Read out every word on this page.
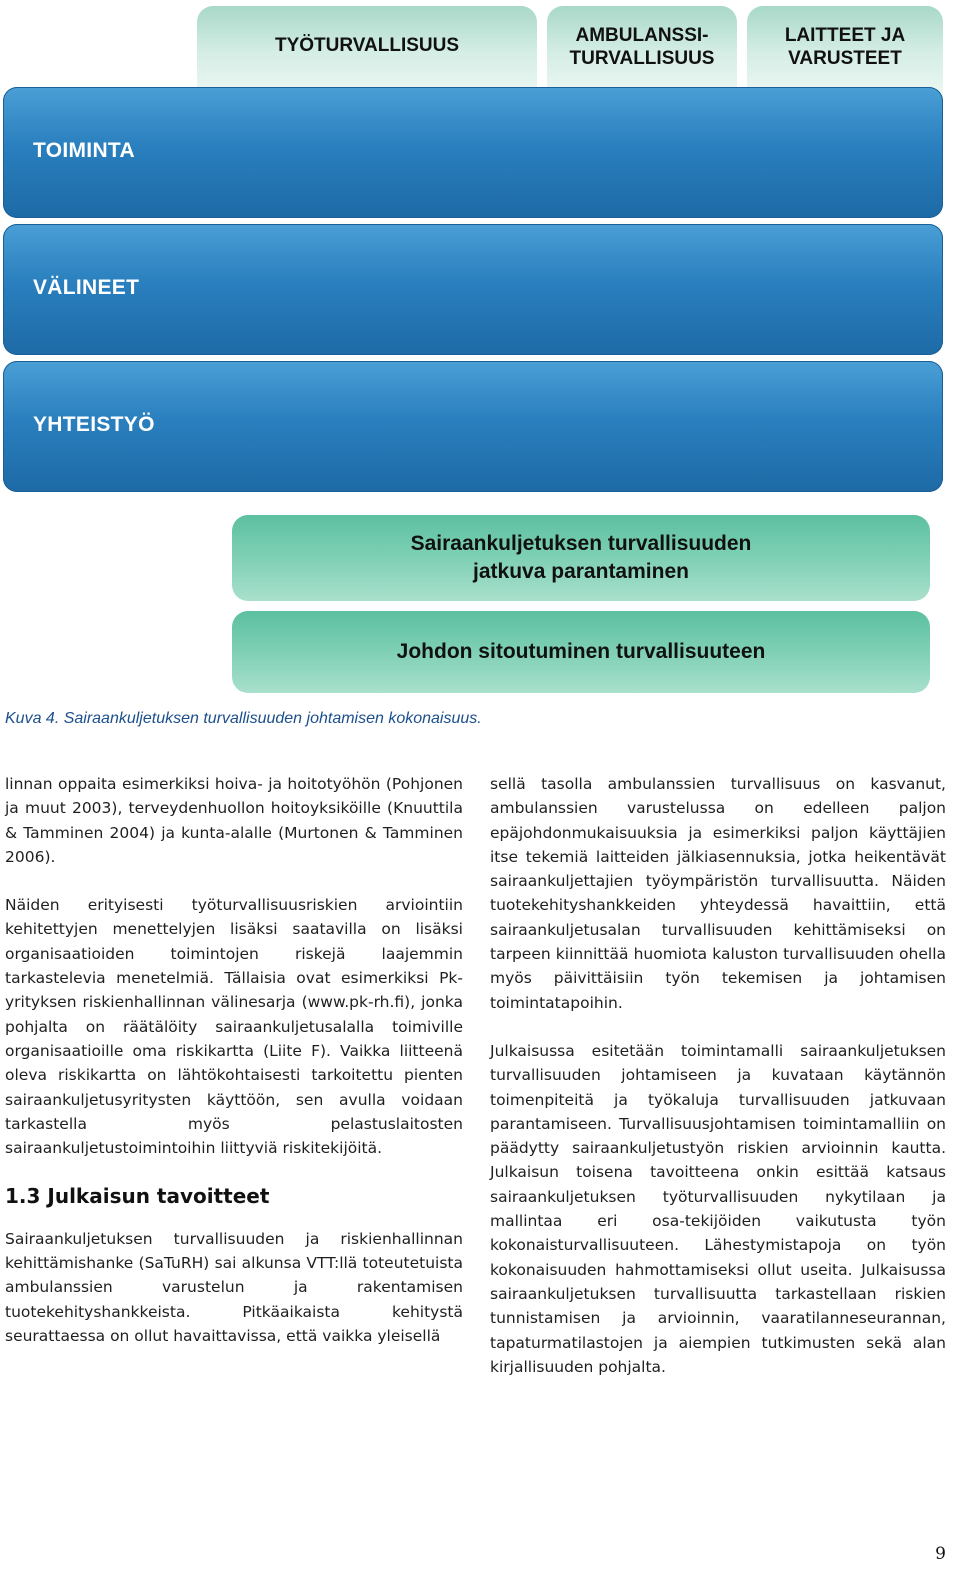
TYÖTURVALLISUUS	AMBULANSSI-
TURVALLISUUS
LAITTEET JA
VARUSTEET
TOIMINTA
VÄLINEET
YHTEISTYÖ
Sairaankuljetuksen turvallisuuden
jatkuva parantaminen
Johdon sitoutuminen turvallisuuteen
Kuva 4. Sairaankuljetuksen turvallisuuden johtamisen kokonaisuus.

linnan oppaita esimerkiksi hoiva- ja hoitotyöhön (Pohjonen ja muut 2003), terveydenhuollon hoitoyksiköille (Knuuttila & Tamminen 2004) ja kunta-alalle (Murtonen & Tamminen 2006).

Näiden erityisesti työturvallisuusriskien arviointiin kehitettyjen menettelyjen lisäksi saatavilla on lisäksi organisaatioiden toimintojen riskejä laajemmin tarkastelevia menetelmiä. Tällaisia ovat esimerkiksi Pk-yrityksen riskienhallinnan välinesarja (www.pk-rh.fi), jonka pohjalta on räätälöity sairaankuljetusalalla toimiville organisaatioille oma riskikartta (Liite F). Vaikka liitteenä oleva riskikartta on lähtökohtaisesti tarkoitettu pienten sairaankuljetusyritysten käyttöön, sen avulla voidaan tarkastella myös pelastuslaitosten sairaankuljetustoimintoihin liittyviä riskitekijöitä.

1.3 Julkaisun tavoitteet

Sairaankuljetuksen turvallisuuden ja riskienhallinnan kehittämishanke (SaTuRH) sai alkunsa VTT:llä toteutetuista ambulanssien varustelun ja rakentamisen tuotekehityshankkeista. Pitkäaikaista kehitystä seurattaessa on ollut havaittavissa, että vaikka yleisellä

sellä tasolla ambulanssien turvallisuus on kasvanut, ambulanssien varustelussa on edelleen paljon epäjohdonmukaisuuksia ja esimerkiksi paljon käyttäjien itse tekemiä laitteiden jälkiasennuksia, jotka heikentävät sairaankuljettajien työympäristön turvallisuutta. Näiden tuotekehityshankkeiden yhteydessä havaittiin, että sairaankuljetusalan turvallisuuden kehittämiseksi on tarpeen kiinnittää huomiota kaluston turvallisuuden ohella myös päivittäisiin työn tekemisen ja johtamisen toimintatapoihin.

Julkaisussa esitetään toimintamalli sairaankuljetuksen turvallisuuden johtamiseen ja kuvataan käytännön toimenpiteitä ja työkaluja turvallisuuden jatkuvaan parantamiseen. Turvallisuusjohtamisen toimintamalliin on päädytty sairaankuljetustyön riskien arvioinnin kautta. Julkaisun toisena tavoitteena onkin esittää katsaus sairaankuljetuksen työturvallisuuden nykytilaan ja mallintaa eri osa-tekijöiden vaikutusta työn kokonaisturvallisuuteen. Lähestymistapoja on työn kokonaisuuden hahmottamiseksi ollut useita. Julkaisussa sairaankuljetuksen turvallisuutta tarkastellaan riskien tunnistamisen ja arvioinnin, vaaratilanneseurannan, tapaturmatilastojen ja aiempien tutkimusten sekä alan kirjallisuuden pohjalta.

9
